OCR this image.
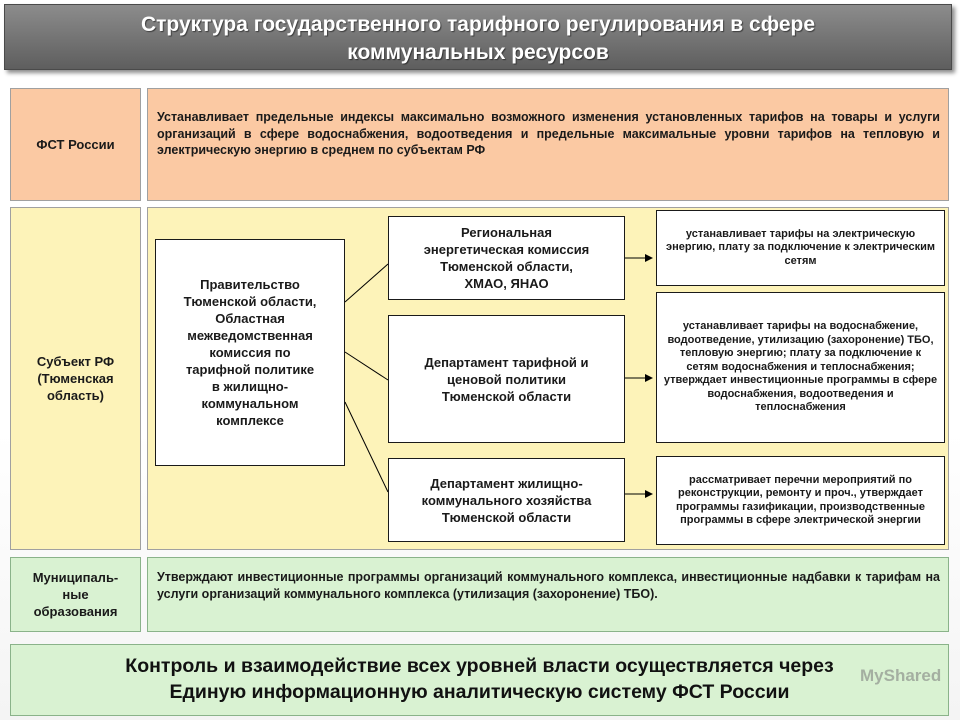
Структура государственного тарифного регулирования в сфере
коммунальных ресурсов
ФСТ России
Устанавливает предельные индексы максимально возможного изменения установленных тарифов на товары и услуги организаций в сфере водоснабжения, водоотведения и предельные максимальные уровни тарифов на тепловую и электрическую энергию в среднем по субъектам РФ
Субъект РФ
(Тюменская
область)
Правительство
Тюменской области,
Областная
межведомственная
комиссия по
тарифной политике
в жилищно-
коммунальном
комплексе
Региональная
энергетическая комиссия
Тюменской области,
ХМАО, ЯНАО
устанавливает тарифы на электрическую энергию, плату за подключение к электрическим сетям
Департамент тарифной и
ценовой политики
Тюменской области
устанавливает тарифы на водоснабжение, водоотведение, утилизацию (захоронение) ТБО, тепловую энергию; плату за подключение к сетям водоснабжения и теплоснабжения; утверждает инвестиционные программы в сфере водоснабжения, водоотведения и теплоснабжения
Департамент жилищно-
коммунального хозяйства
Тюменской области
рассматривает перечни мероприятий по реконструкции, ремонту и проч., утверждает программы газификации, производственные программы в сфере электрической энергии
Муниципаль-
ные
образования
Утверждают инвестиционные программы организаций коммунального комплекса, инвестиционные надбавки к тарифам на услуги организаций коммунального комплекса (утилизация (захоронение) ТБО).
Контроль и взаимодействие всех уровней власти осуществляется через
Единую информационную аналитическую систему ФСТ России
MyShared
